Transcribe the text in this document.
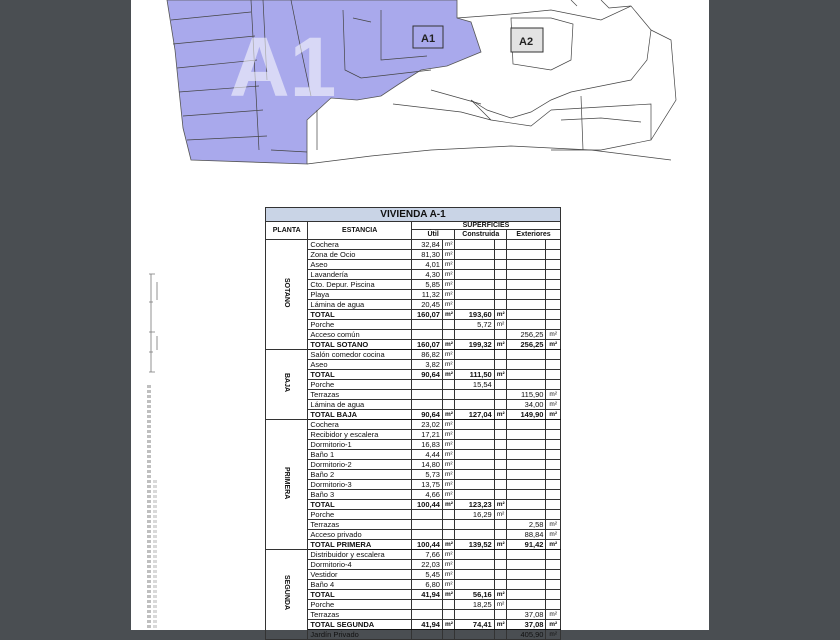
A1	A1	A2
VIVIENDA A-1							
PLANTA	ESTANCIA	SUPERFICIES					
		Útil		Construida		Exteriores	
SOTANO	Cochera	32,84	m²				
	Zona de Ocio	81,30	m²				
	Aseo	4,01	m²				
	Lavandería	4,30	m²				
	Cto. Depur. Piscina	5,85	m²				
	Playa	11,32	m²				
	Lámina de agua	20,45	m²				
	TOTAL	160,07	m²	193,60	m²		
	Porche			5,72	m²		
	Acceso común					256,25	m²
	TOTAL SOTANO	160,07	m²	199,32	m²	256,25	m²
BAJA	Salón comedor cocina	86,82	m²				
	Aseo	3,82	m²				
	TOTAL	90,64	m²	111,50	m²		
	Porche			15,54			
	Terrazas					115,90	m²
	Lámina de agua					34,00	m²
	TOTAL BAJA	90,64	m²	127,04	m²	149,90	m²
PRIMERA	Cochera	23,02	m²				
	Recibidor y escalera	17,21	m²				
	Dormitorio-1	16,83	m²				
	Baño 1	4,44	m²				
	Dormitorio-2	14,80	m²				
	Baño 2	5,73	m²				
	Dormitorio-3	13,75	m²				
	Baño 3	4,66	m²				
	TOTAL	100,44	m²	123,23	m²		
	Porche			16,29	m²		
	Terrazas					2,58	m²
	Acceso privado					88,84	m²
	TOTAL PRIMERA	100,44	m²	139,52	m²	91,42	m²
SEGUNDA	Distribuidor y escalera	7,66	m²				
	Dormitorio-4	22,03	m²				
	Vestidor	5,45	m²				
	Baño 4	6,80	m²				
	TOTAL	41,94	m²	56,16	m²		
	Porche			18,25	m²		
	Terrazas					37,08	m²
	TOTAL SEGUNDA	41,94	m²	74,41	m²	37,08	m²
	Jardín Privado					405,90	m²
